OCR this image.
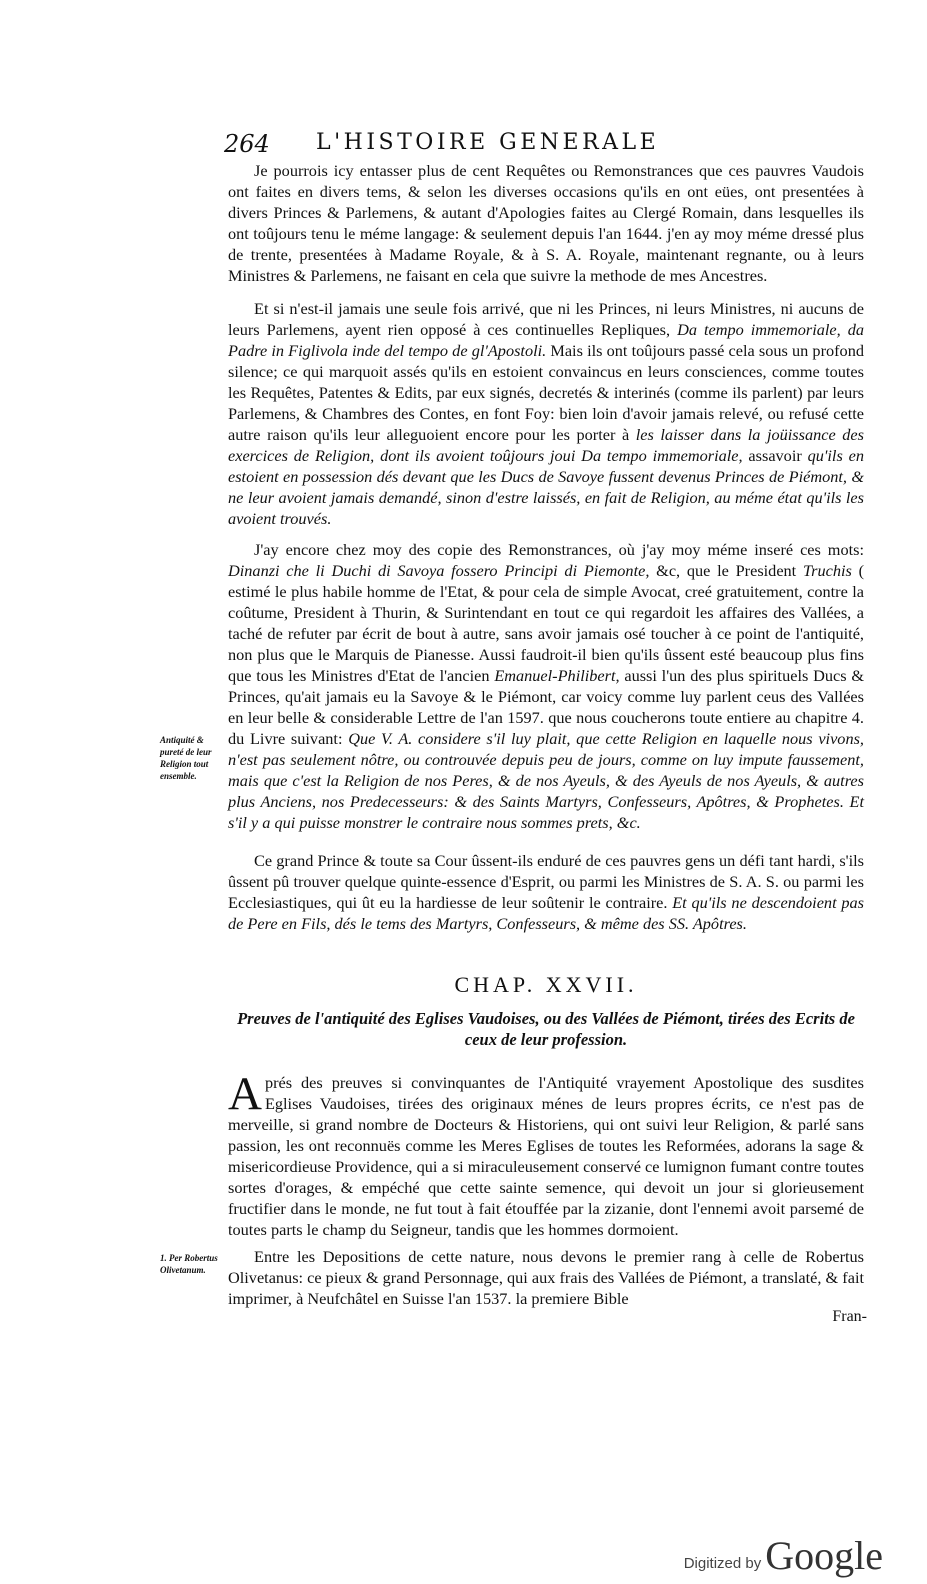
264 L'HISTOIRE GENERALE

Je pourrois icy entasser plus de cent Requêtes ou Remonstrances que ces pauvres Vaudois ont faites en divers tems, & selon les diverses occasions qu'ils en ont eües, ont presentées à divers Princes & Parlemens, & autant d'Apologies faites au Clergé Romain, dans lesquelles ils ont toûjours tenu le méme langage: & seulement depuis l'an 1644. j'en ay moy méme dressé plus de trente, presentées à Madame Royale, & à S. A. Royale, maintenant regnante, ou à leurs Ministres & Parlemens, ne faisant en cela que suivre la methode de mes Ancestres.

Et si n'est-il jamais une seule fois arrivé, que ni les Princes, ni leurs Ministres, ni aucuns de leurs Parlemens, ayent rien opposé à ces continuelles Repliques, Da tempo immemoriale, da Padre in Figlivola inde del tempo de gl'Apostoli. Mais ils ont toûjours passé cela sous un profond silence; ce qui marquoit assés qu'ils en estoient convaincus en leurs consciences, comme toutes les Requêtes, Patentes & Edits, par eux signés, decretés & interinés (comme ils parlent) par leurs Parlemens, & Chambres des Contes, en font Foy: bien loin d'avoir jamais relevé, ou refusé cette autre raison qu'ils leur alleguoient encore pour les porter à les laisser dans la joüissance des exercices de Religion, dont ils avoient toûjours joui Da tempo immemoriale, assavoir qu'ils en estoient en possession dés devant que les Ducs de Savoye fussent devenus Princes de Piémont, & ne leur avoient jamais demandé, sinon d'estre laissés, en fait de Religion, au méme état qu'ils les avoient trouvés.

J'ay encore chez moy des copie des Remonstrances, où j'ay moy méme inseré ces mots: Dinanzi che li Duchi di Savoya fossero Principi di Piemonte, &c, que le President Truchis ( estimé le plus habile homme de l'Etat, & pour cela de simple Avocat, creé gratuitement, contre la coûtume, President à Thurin, & Surintendant en tout ce qui regardoit les affaires des Vallées, a taché de refuter par écrit de bout à autre, sans avoir jamais osé toucher à ce point de l'antiquité, non plus que le Marquis de Pianesse. Aussi faudroit-il bien qu'ils ûssent esté beaucoup plus fins que tous les Ministres d'Etat de l'ancien Emanuel-Philibert, aussi l'un des plus spirituels Ducs & Princes, qu'ait jamais eu la Savoye & le Piémont, car voicy comme luy parlent ceus des Vallées en leur belle & considerable Lettre de l'an 1597. que nous coucherons toute entiere au chapitre 4. du Livre suivant: Que V. A. considere s'il luy plait, que cette Religion en laquelle nous vivons, n'est pas seulement nôtre, ou controuvée depuis peu de jours, comme on luy impute faussement, mais que c'est la Religion de nos Peres, & de nos Ayeuls, & des Ayeuls de nos Ayeuls, & autres plus Anciens, nos Predecesseurs: & des Saints Martyrs, Confesseurs, Apôtres, & Prophetes. Et s'il y a qui puisse monstrer le contraire nous sommes prets, &c.

Antiquité & pureté de leur Religion tout ensemble.

Ce grand Prince & toute sa Cour ûssent-ils enduré de ces pauvres gens un défi tant hardi, s'ils ûssent pû trouver quelque quinte-essence d'Esprit, ou parmi les Ministres de S. A. S. ou parmi les Ecclesiastiques, qui ût eu la hardiesse de leur soûtenir le contraire. Et qu'ils ne descendoient pas de Pere en Fils, dés le tems des Martyrs, Confesseurs, & même des SS. Apôtres.

CHAP. XXVII.
Preuves de l'antiquité des Eglises Vaudoises, ou des Vallées de Piémont, tirées des Ecrits de ceux de leur profession.

Aprés des preuves si convinquantes de l'Antiquité vrayement Apostolique des susdites Eglises Vaudoises, tirées des originaux ménes de leurs propres écrits, ce n'est pas de merveille, si grand nombre de Docteurs & Historiens, qui ont suivi leur Religion, & parlé sans passion, les ont reconnuës comme les Meres Eglises de toutes les Reformées, adorans la sage & misericordieuse Providence, qui a si miraculeusement conservé ce lumignon fumant contre toutes sortes d'orages, & empéché que cette sainte semence, qui devoit un jour si glorieusement fructifier dans le monde, ne fut tout à fait étouffée par la zizanie, dont l'ennemi avoit parsemé de toutes parts le champ du Seigneur, tandis que les hommes dormoient.

1. Per Robertus Olivetanum.

Entre les Depositions de cette nature, nous devons le premier rang à celle de Robertus Olivetanus: ce pieux & grand Personnage, qui aux frais des Vallées de Piémont, a translaté, & fait imprimer, à Neufchâtel en Suisse l'an 1537. la premiere Bible

Fran-
Digitized by Google
